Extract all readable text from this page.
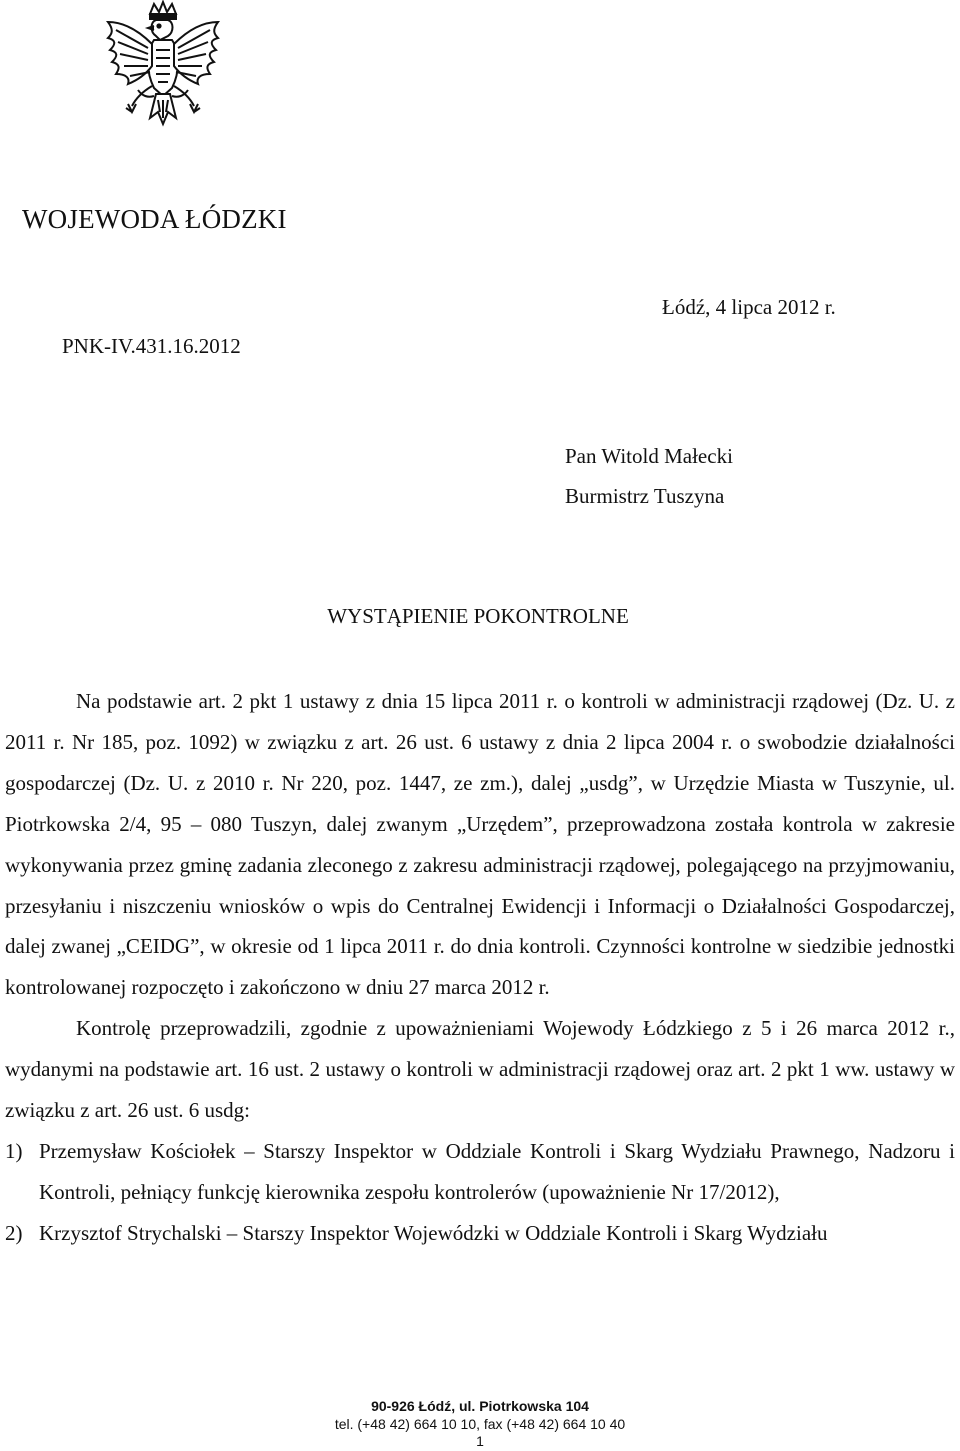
WOJEWODA ŁÓDZKI
Łódź, 4 lipca 2012 r.
PNK-IV.431.16.2012
Pan Witold Małecki
Burmistrz Tuszyna
WYSTĄPIENIE POKONTROLNE

Na podstawie art. 2 pkt 1 ustawy z dnia 15 lipca 2011 r. o kontroli w administracji rządowej (Dz. U. z 2011 r. Nr 185, poz. 1092) w związku z art. 26 ust. 6 ustawy z dnia 2 lipca 2004 r. o swobodzie działalności gospodarczej (Dz. U. z 2010 r. Nr 220, poz. 1447, ze zm.), dalej „usdg”, w Urzędzie Miasta w Tuszynie, ul. Piotrkowska 2/4, 95 – 080 Tuszyn, dalej zwanym „Urzędem”, przeprowadzona została kontrola w zakresie wykonywania przez gminę zadania zleconego z zakresu administracji rządowej, polegającego na przyjmowaniu, przesyłaniu i niszczeniu wniosków o wpis do Centralnej Ewidencji i Informacji o Działalności Gospodarczej, dalej zwanej „CEIDG”, w okresie od 1 lipca 2011 r. do dnia kontroli. Czynności kontrolne w siedzibie jednostki kontrolowanej rozpoczęto i zakończono w dniu 27 marca 2012 r.

Kontrolę przeprowadzili, zgodnie z upoważnieniami Wojewody Łódzkiego z 5 i 26 marca 2012 r., wydanymi na podstawie art. 16 ust. 2 ustawy o kontroli w administracji rządowej oraz art. 2 pkt 1 ww. ustawy w związku z art. 26 ust. 6 usdg:

1) Przemysław Kościołek – Starszy Inspektor w Oddziale Kontroli i Skarg Wydziału Prawnego, Nadzoru i Kontroli, pełniący funkcję kierownika zespołu kontrolerów (upoważnienie Nr 17/2012),
2) Krzysztof Strychalski – Starszy Inspektor Wojewódzki w Oddziale Kontroli i Skarg Wydziału
90-926 Łódź, ul. Piotrkowska 104
tel. (+48 42) 664 10 10, fax (+48 42) 664 10 40
1
